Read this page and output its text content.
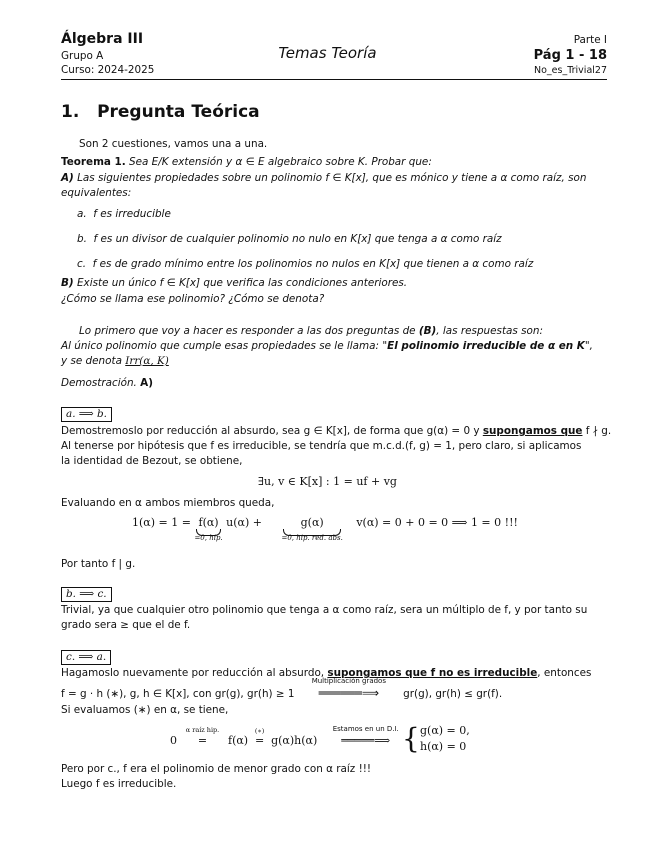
Álgebra III
Grupo A
Curso: 2024-2025
Temas Teoría
Parte I
Pág 1 - 18
No_es_Trivial27
1. Pregunta Teórica
Son 2 cuestiones, vamos una a una.
Teorema 1. Sea E/K extensión y α ∈ E algebraico sobre K. Probar que:
A) Las siguientes propiedades sobre un polinomio f ∈ K[x], que es mónico y tiene a α como raíz, son
equivalentes:
a. f es irreducible
b. f es un divisor de cualquier polinomio no nulo en K[x] que tenga a α como raíz
c. f es de grado mínimo entre los polinomios no nulos en K[x] que tienen a α como raíz
B) Existe un único f ∈ K[x] que verifica las condiciones anteriores.
¿Cómo se llama ese polinomio? ¿Cómo se denota?
Lo primero que voy a hacer es responder a las dos preguntas de (B), las respuestas son:
Al único polinomio que cumple esas propiedades se le llama: "El polinomio irreducible de α en K",
y se denota Irr(α, K)
Demostración. A)
a. ⟹ b.
Demostremoslo por reducción al absurdo, sea g ∈ K[x], de forma que g(α) = 0 y supongamos que f ∤ g.
Al tenerse por hipótesis que f es irreducible, se tendría que m.c.d.(f, g) = 1, pero claro, si aplicamos
la identidad de Bezout, se obtiene,
∃u, v ∈ K[x] : 1 = uf + vg
Evaluando en α ambos miembros queda,
1(α) = 1 = f(α)
=0, hip.
u(α) +	g(α)
=0, hip. red. abs.
v(α) = 0 + 0 = 0 ⟹ 1 = 0 !!!
Por tanto f | g.
b. ⟹ c.
Trivial, ya que cualquier otro polinomio que tenga a α como raíz, sera un múltiplo de f, y por tanto su
grado sera ≥ que el de f.
c. ⟹ a.
Hagamoslo nuevamente por reducción al absurdo, supongamos que f no es irreducible, entonces
f = g · h (∗), g, h ∈ K[x], con gr(g), gr(h) ≥ 1
Multiplicación grados
══════⟹ gr(g), gr(h) ≤ gr(f).
Si evaluamos (∗) en α, se tiene,
0
α raíz hip.
= f(α)
(∗)
= g(α)h(α)
Estamos en un D.I.
═════⟹ { g(α) = 0,
h(α) = 0
Pero por c., f era el polinomio de menor grado con α raíz !!!
Luego f es irreducible.
